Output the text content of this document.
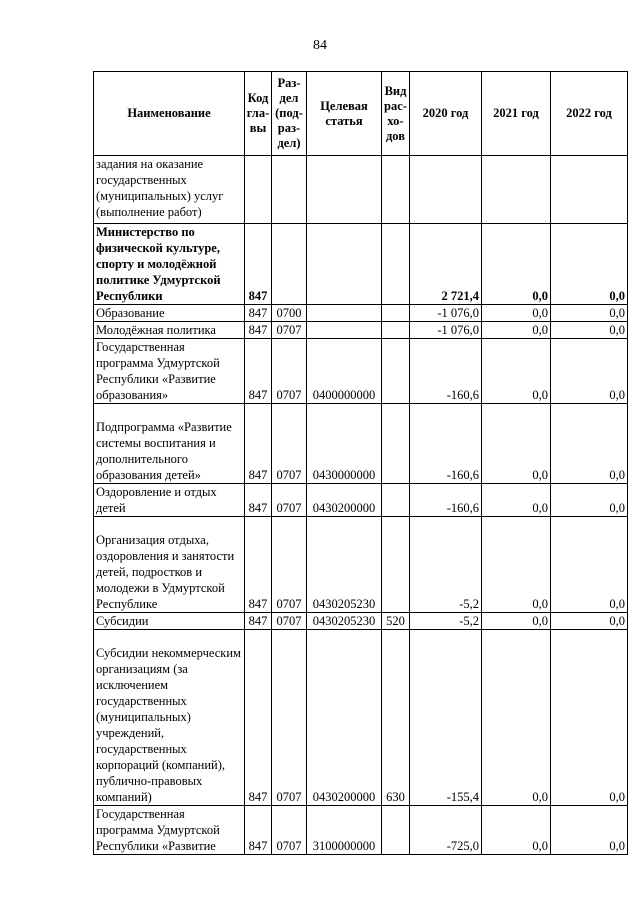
84
Наименование	Код гла-вы	Раз-дел (под-раз-дел)	Целевая статья	Вид рас-хо-дов	2020 год	2021 год	2022 год
задания на оказание государственных (муниципальных) услуг (выполнение работ)							
Министерство по физической культуре, спорту и молодёжной политике Удмуртской Республики	847				2 721,4	0,0	0,0
Образование	847	0700			-1 076,0	0,0	0,0
Молодёжная политика	847	0707			-1 076,0	0,0	0,0
Государственная программа Удмуртской Республики «Развитие образования»	847	0707	0400000000		-160,6	0,0	0,0
Подпрограмма «Развитие системы воспитания и дополнительного образования детей»	847	0707	0430000000		-160,6	0,0	0,0
Оздоровление и отдых детей	847	0707	0430200000		-160,6	0,0	0,0
Организация отдыха, оздоровления и занятости детей, подростков и молодежи в Удмуртской Республике	847	0707	0430205230		-5,2	0,0	0,0
Субсидии	847	0707	0430205230	520	-5,2	0,0	0,0
Субсидии некоммерческим организациям (за исключением государственных (муниципальных) учреждений, государственных корпораций (компаний), публично-правовых компаний)	847	0707	0430200000	630	-155,4	0,0	0,0
Государственная программа Удмуртской Республики «Развитие	847	0707	3100000000		-725,0	0,0	0,0
